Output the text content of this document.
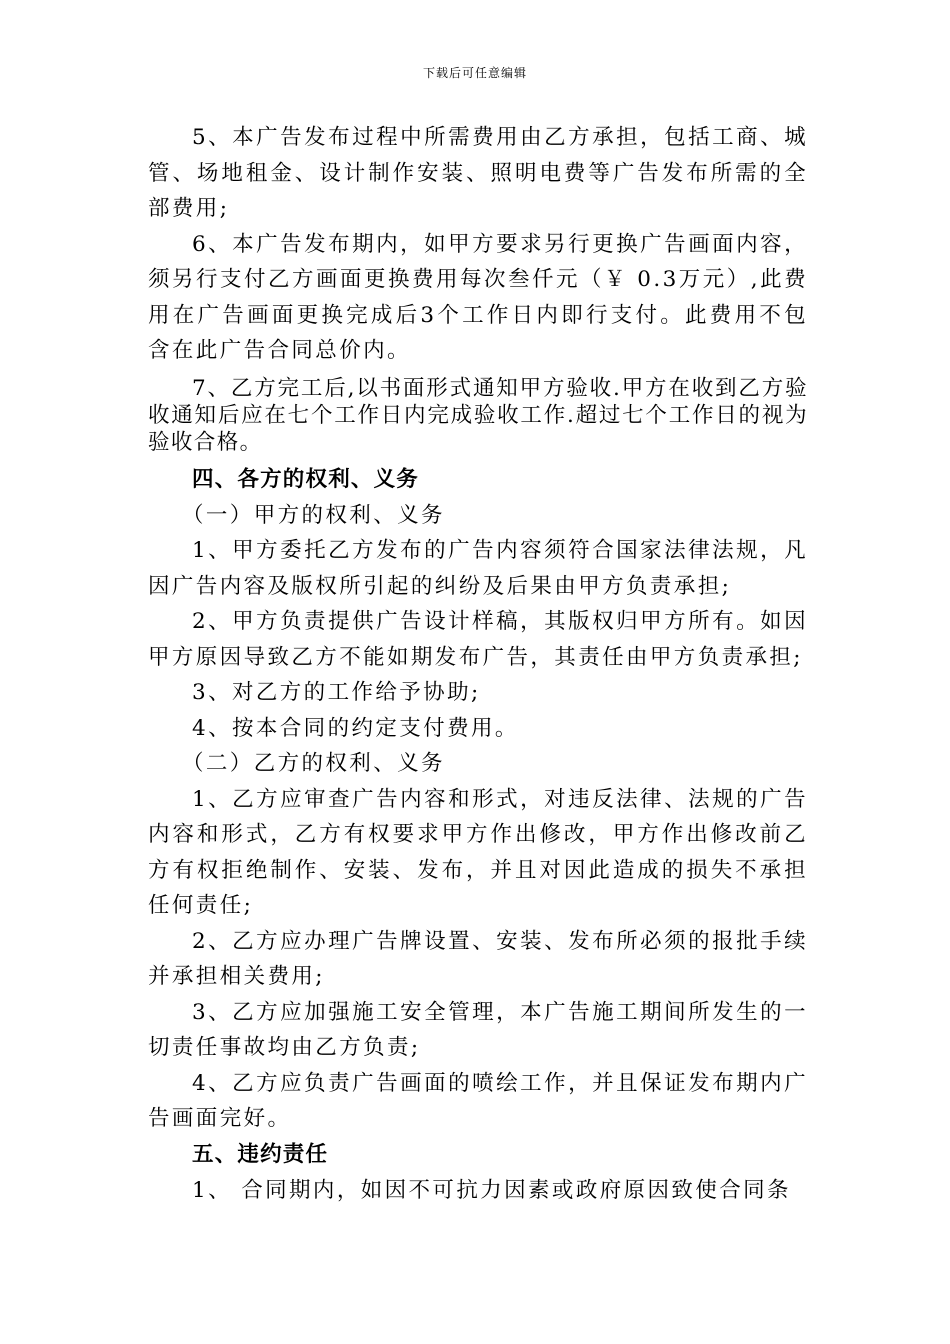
下载后可任意编辑

5、本广告发布过程中所需费用由乙方承担，包括工商、城管、场地租金、设计制作安装、照明电费等广告发布所需的全部费用;

6、本广告发布期内，如甲方要求另行更换广告画面内容，须另行支付乙方画面更换费用每次叁仟元（￥ 0.3万元）,此费用在广告画面更换完成后3个工作日内即行支付。此费用不包含在此广告合同总价内。

7、乙方完工后,以书面形式通知甲方验收.甲方在收到乙方验收通知后应在七个工作日内完成验收工作.超过七个工作日的视为验收合格。

四、各方的权利、义务

（一）甲方的权利、义务

1、甲方委托乙方发布的广告内容须符合国家法律法规，凡因广告内容及版权所引起的纠纷及后果由甲方负责承担;

2、甲方负责提供广告设计样稿，其版权归甲方所有。如因甲方原因导致乙方不能如期发布广告，其责任由甲方负责承担;

3、对乙方的工作给予协助;

4、按本合同的约定支付费用。

（二）乙方的权利、义务

1、乙方应审查广告内容和形式，对违反法律、法规的广告内容和形式，乙方有权要求甲方作出修改，甲方作出修改前乙方有权拒绝制作、安装、发布，并且对因此造成的损失不承担任何责任;

2、乙方应办理广告牌设置、安装、发布所必须的报批手续并承担相关费用;

3、乙方应加强施工安全管理，本广告施工期间所发生的一切责任事故均由乙方负责;

4、乙方应负责广告画面的喷绘工作，并且保证发布期内广告画面完好。

五、违约责任

1、 合同期内，如因不可抗力因素或政府原因致使合同条
